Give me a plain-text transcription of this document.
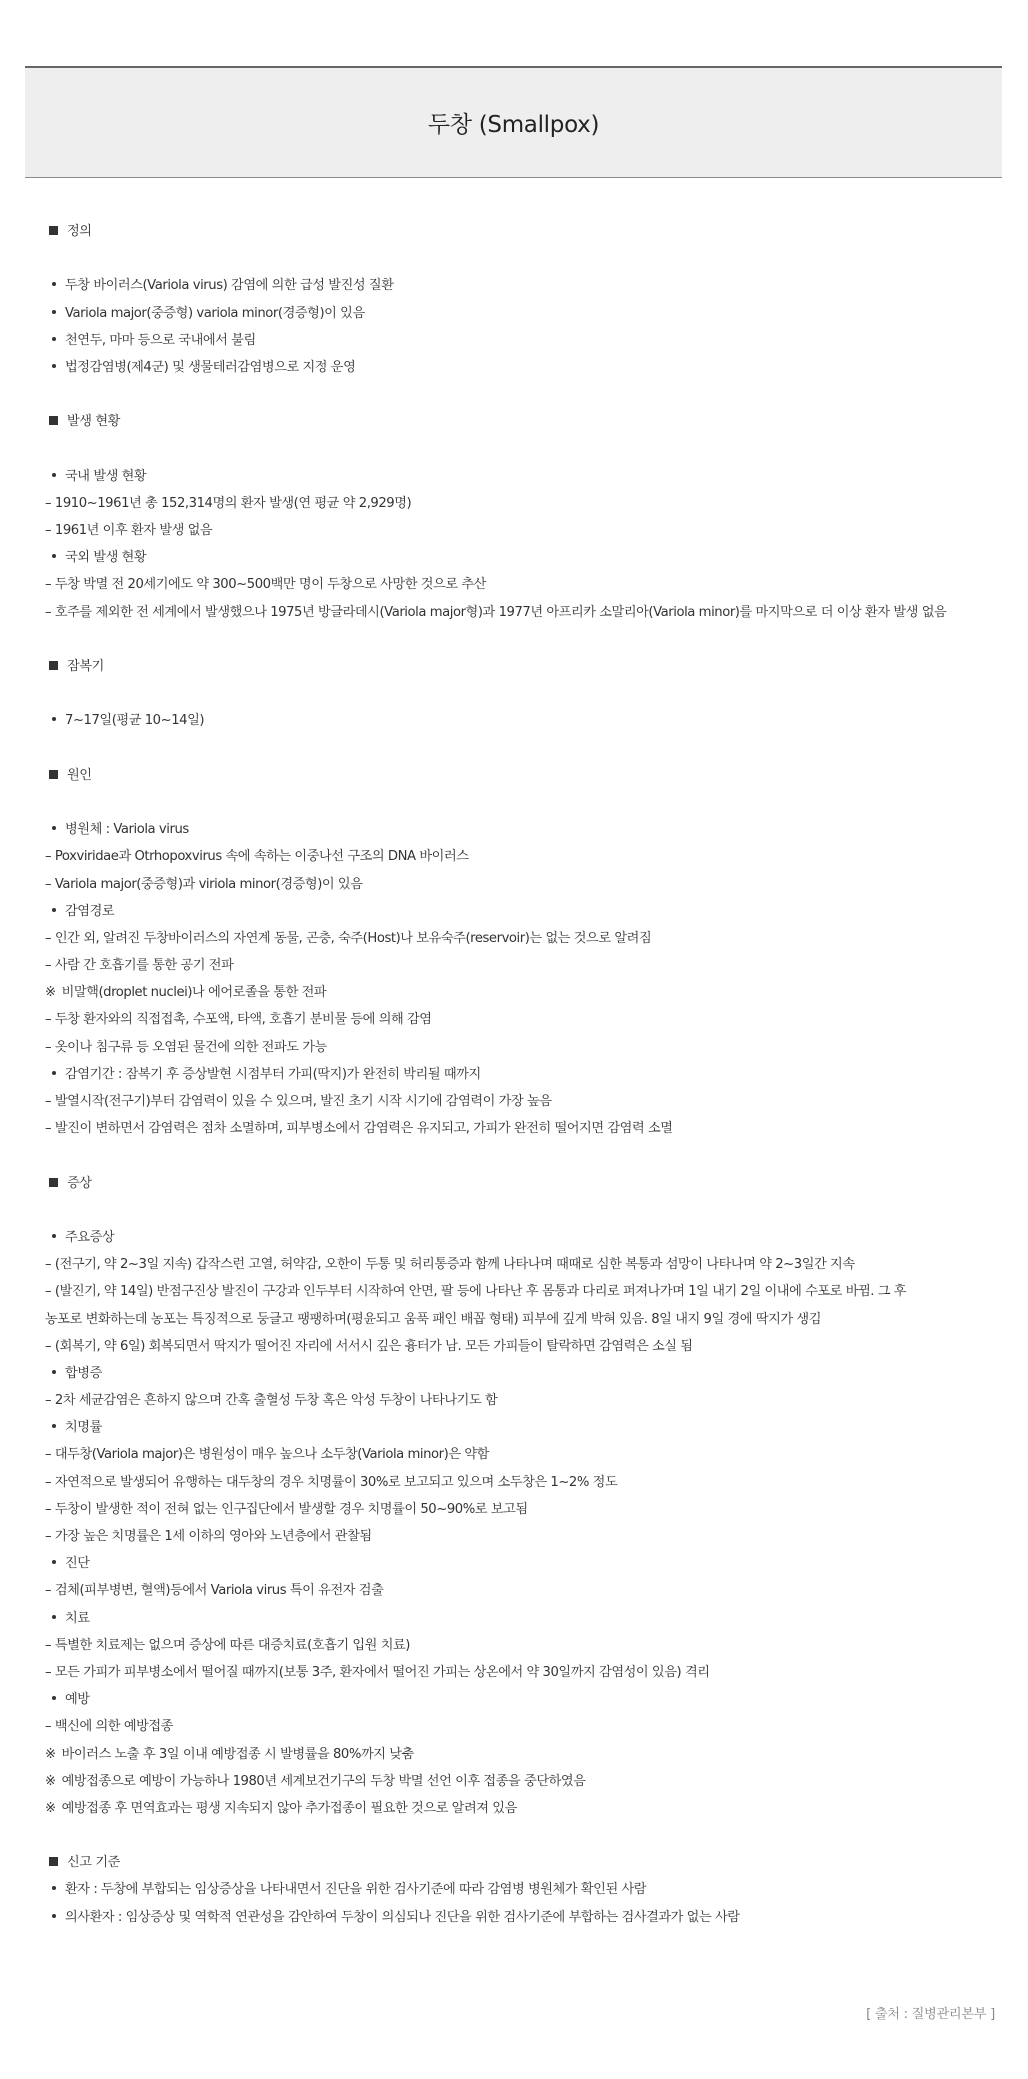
두창 (Smallpox)
정의
두창 바이러스(Variola virus) 감염에 의한 급성 발진성 질환
Variola major(중증형) variola minor(경증형)이 있음
천연두, 마마 등으로 국내에서 불림
법정감염병(제4군) 및 생물테러감염병으로 지정 운영
발생 현황
국내 발생 현황
– 1910~1961년 총 152,314명의 환자 발생(연 평균 약 2,929명)
– 1961년 이후 환자 발생 없음
국외 발생 현황
– 두창 박멸 전 20세기에도 약 300~500백만 명이 두창으로 사망한 것으로 추산
– 호주를 제외한 전 세계에서 발생했으나 1975년 방글라데시(Variola major형)과 1977년 아프리카 소말리아(Variola minor)를 마지막으로 더 이상 환자 발생 없음
잠복기
7~17일(평균 10~14일)
원인
병원체 : Variola virus
– Poxviridae과 Otrhopoxvirus 속에 속하는 이중나선 구조의 DNA 바이러스
– Variola major(중증형)과 viriola minor(경증형)이 있음
감염경로
– 인간 외, 알려진 두창바이러스의 자연계 동물, 곤충, 숙주(Host)나 보유숙주(reservoir)는 없는 것으로 알려짐
– 사람 간 호흡기를 통한 공기 전파
※ 비말핵(droplet nuclei)나 에어로졸을 통한 전파
– 두창 환자와의 직접접촉, 수포액, 타액, 호흡기 분비물 등에 의해 감염
– 옷이나 침구류 등 오염된 물건에 의한 전파도 가능
감염기간 : 잠복기 후 증상발현 시점부터 가피(딱지)가 완전히 박리될 때까지
– 발열시작(전구기)부터 감염력이 있을 수 있으며, 발진 초기 시작 시기에 감염력이 가장 높음
– 발진이 변하면서 감염력은 점차 소멸하며, 피부병소에서 감염력은 유지되고, 가피가 완전히 떨어지면 감염력 소멸
증상
주요증상
– (전구기, 약 2~3일 지속) 갑작스런 고열, 허약감, 오한이 두통 및 허리통증과 함께 나타나며 때때로 심한 복통과 섬망이 나타나며 약 2~3일간 지속
– (발진기, 약 14일) 반점구진상 발진이 구강과 인두부터 시작하여 안면, 팔 등에 나타난 후 몸통과 다리로 퍼져나가며 1일 내기 2일 이내에 수포로 바뀜. 그 후
농포로 변화하는데 농포는 특징적으로 둥글고 팽팽하며(평윤되고 움푹 패인 배꼽 형태) 피부에 깊게 박혀 있음. 8일 내지 9일 경에 딱지가 생김
– (회복기, 약 6일) 회복되면서 딱지가 떨어진 자리에 서서시 깊은 흉터가 남. 모든 가피들이 탈락하면 감염력은 소실 됨
합병증
– 2차 세균감염은 흔하지 않으며 간혹 출혈성 두창 혹은 악성 두창이 나타나기도 함
치명률
– 대두창(Variola major)은 병원성이 매우 높으나 소두창(Variola minor)은 약함
– 자연적으로 발생되어 유행하는 대두창의 경우 치명률이 30%로 보고되고 있으며 소두창은 1~2% 정도
– 두창이 발생한 적이 전혀 없는 인구집단에서 발생할 경우 치명률이 50~90%로 보고됨
– 가장 높은 치명률은 1세 이하의 영아와 노년층에서 관찰됨
진단
– 검체(피부병변, 혈액)등에서 Variola virus 특이 유전자 검출
치료
– 특별한 치료제는 없으며 증상에 따른 대증치료(호흡기 입원 치료)
– 모든 가피가 피부병소에서 떨어질 때까지(보통 3주, 환자에서 떨어진 가피는 상온에서 약 30일까지 감염성이 있음) 격리
예방
– 백신에 의한 예방접종
※ 바이러스 노출 후 3일 이내 예방접종 시 발병률을 80%까지 낮춤
※ 예방접종으로 예방이 가능하나 1980년 세계보건기구의 두창 박멸 선언 이후 접종을 중단하였음
※ 예방접종 후 면역효과는 평생 지속되지 않아 추가접종이 필요한 것으로 알려져 있음
신고 기준
환자 : 두창에 부합되는 임상증상을 나타내면서 진단을 위한 검사기준에 따라 감염병 병원체가 확인된 사람
의사환자 : 임상증상 및 역학적 연관성을 감안하여 두창이 의심되나 진단을 위한 검사기준에 부합하는 검사결과가 없는 사람
[ 출처 : 질병관리본부 ]
